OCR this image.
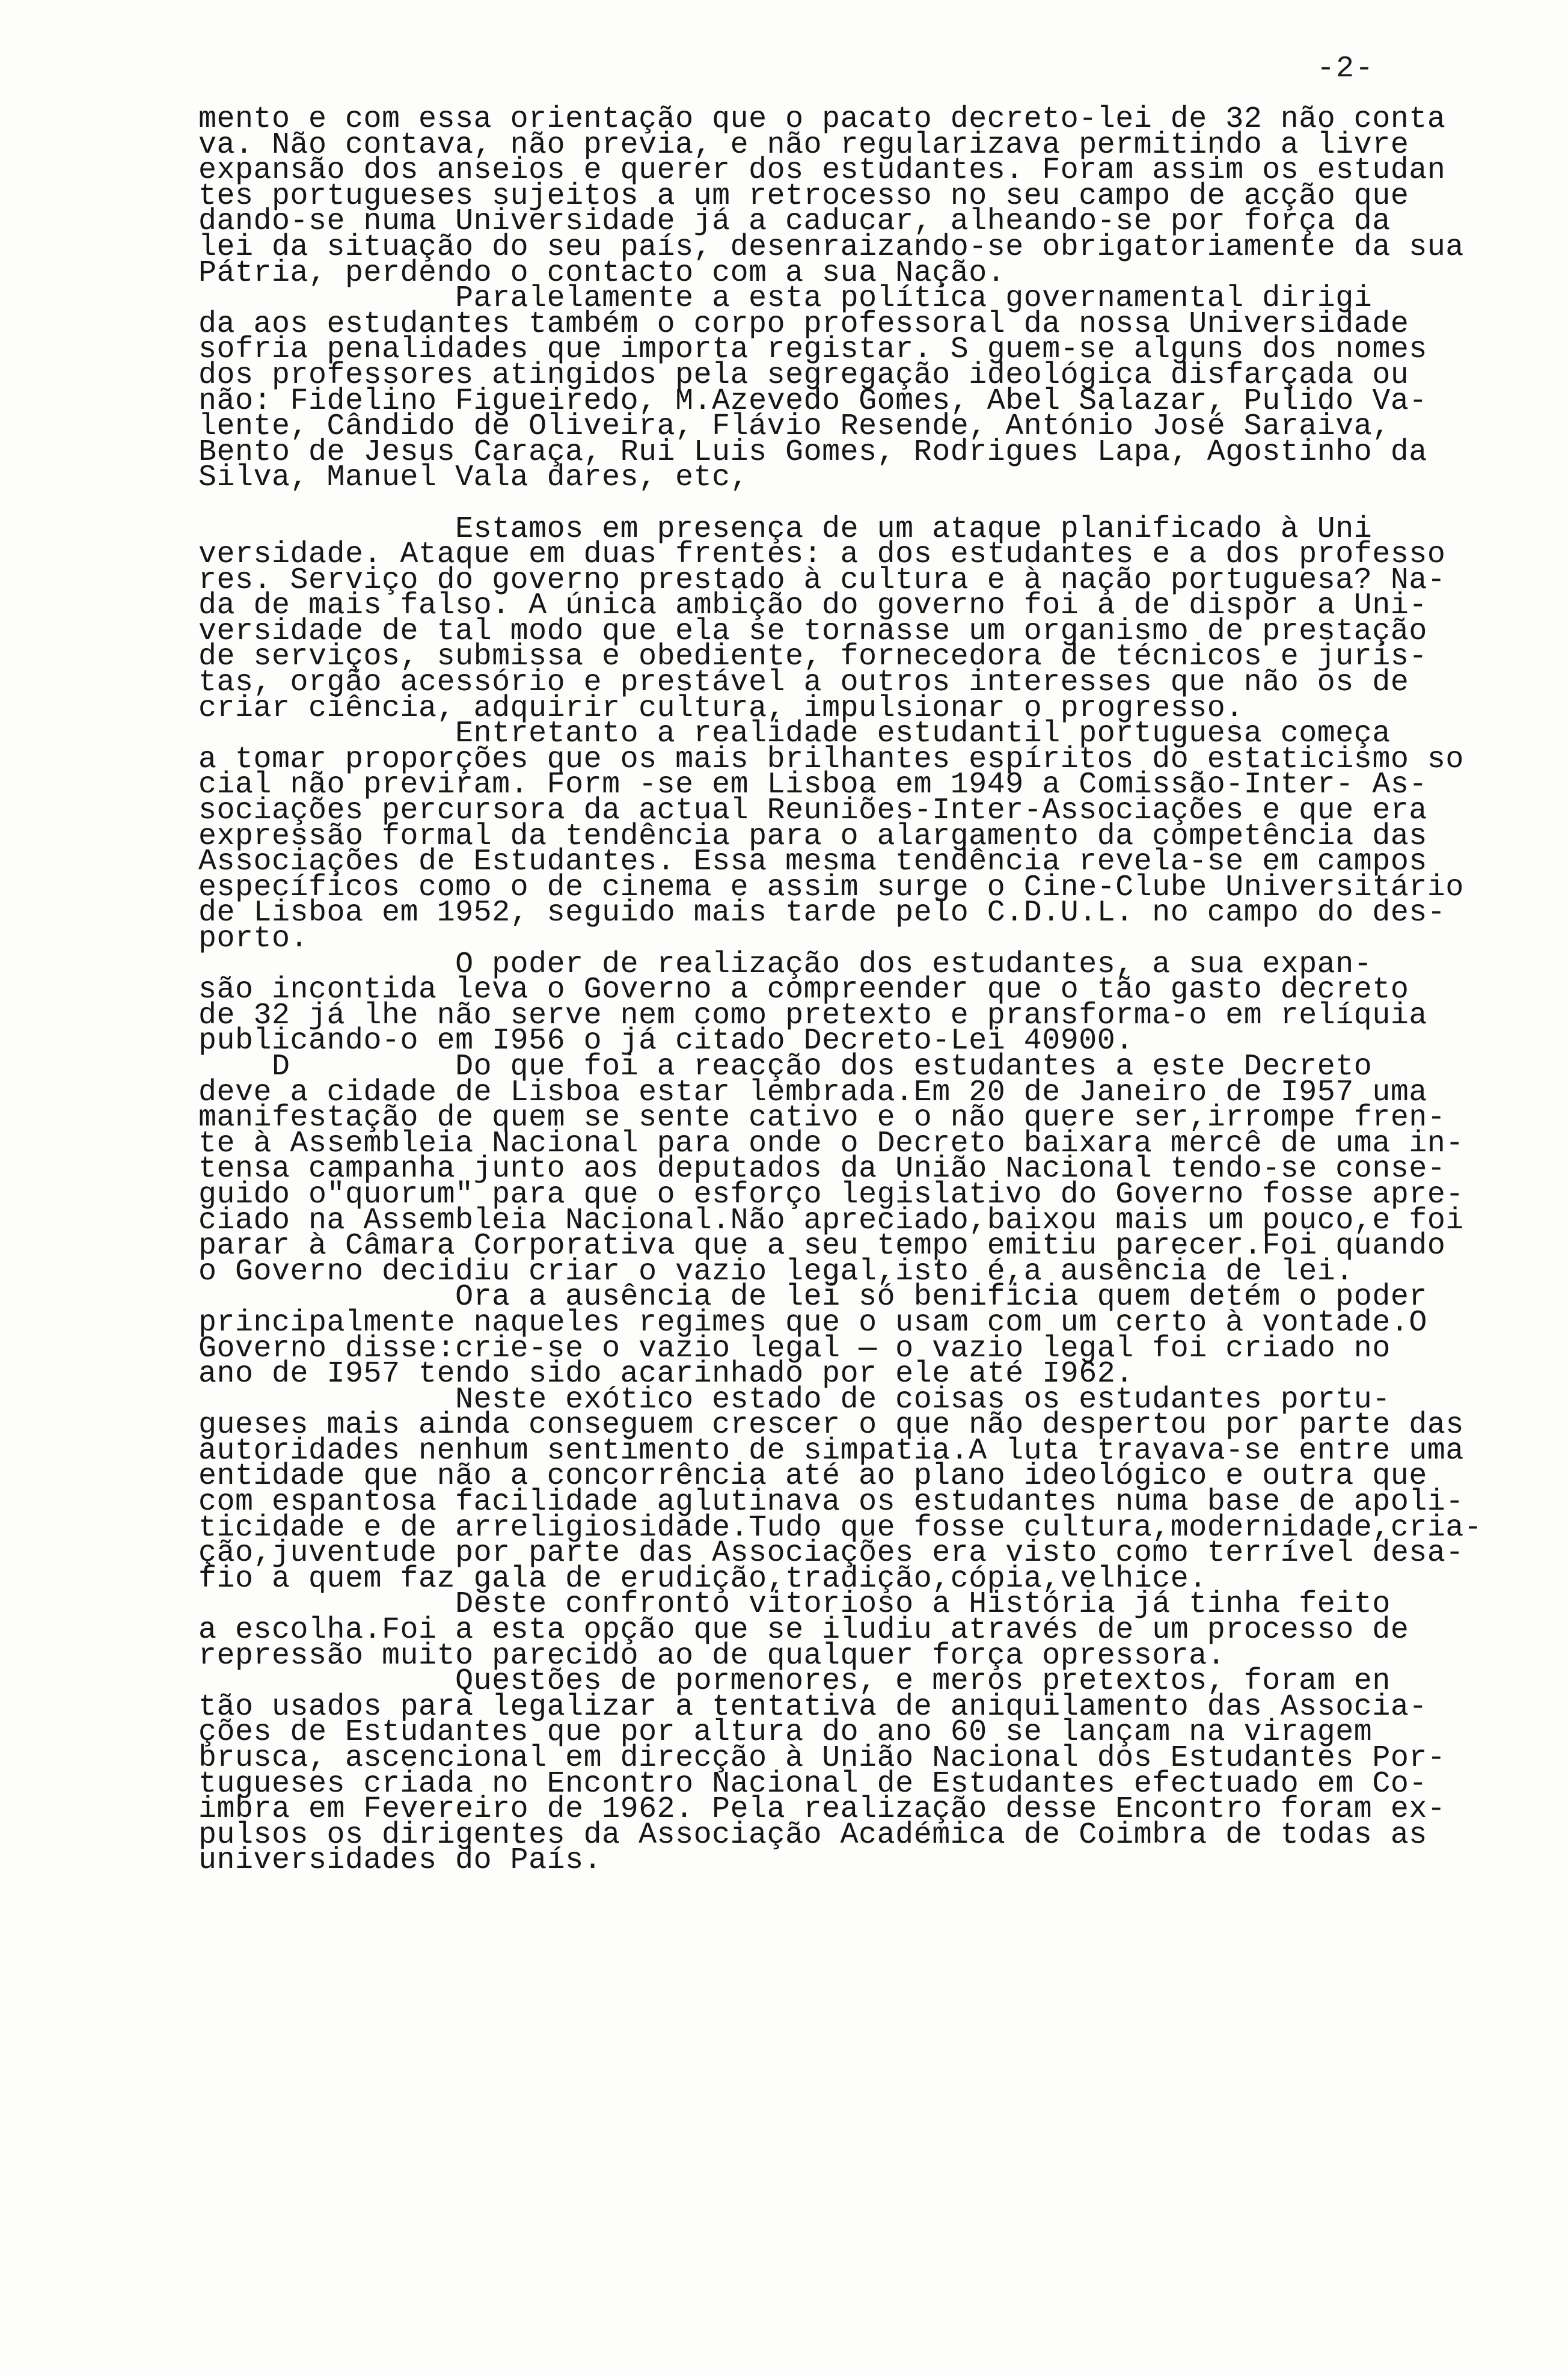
-2-
mento e com essa orientação que o pacato decreto-lei de 32 não conta
va. Não contava, não previa, e não regularizava permitindo a livre
expansão dos anseios e querer dos estudantes. Foram assim os estudan
tes portugueses sujeitos a um retrocesso no seu campo de acção que
dando-se numa Universidade já a caducar, alheando-se por força da
lei da situação do seu país, desenraizando-se obrigatoriamente da sua
Pátria, perdendo o contacto com a sua Nação.
Paralelamente a esta política governamental dirigi
da aos estudantes também o corpo professoral da nossa Universidade
sofria penalidades que importa registar. S guem-se alguns dos nomes
dos professores atingidos pela segregação ideológica disfarçada ou
não: Fidelino Figueiredo, M.Azevedo Gomes, Abel Salazar, Pulido Va-
lente, Cândido de Oliveira, Flávio Resende, António José Saraiva,
Bento de Jesus Caraça, Rui Luis Gomes, Rodrigues Lapa, Agostinho da
Silva, Manuel Vala dares, etc,
Estamos em presença de um ataque planificado à Uni
versidade. Ataque em duas frentes: a dos estudantes e a dos professo
res. Serviço do governo prestado à cultura e à nação portuguesa? Na-
da de mais falso. A única ambição do governo foi a de dispor a Uni-
versidade de tal modo que ela se tornasse um organismo de prestação
de serviços, submissa e obediente, fornecedora de técnicos e juris-
tas, orgão acessório e prestável a outros interesses que não os de
criar ciência, adquirir cultura, impulsionar o progresso.
Entretanto a realidade estudantil portuguesa começa
a tomar proporções que os mais brilhantes espíritos do estaticismo so
cial não previram. Form -se em Lisboa em 1949 a Comissão-Inter- As-
sociações percursora da actual Reuniões-Inter-Associações e que era
expressão formal da tendência para o alargamento da competência das
Associações de Estudantes. Essa mesma tendência revela-se em campos
específicos como o de cinema e assim surge o Cine-Clube Universitário
de Lisboa em 1952, seguido mais tarde pelo C.D.U.L. no campo do des-
porto.
O poder de realização dos estudantes, a sua expan-
são incontida leva o Governo a compreender que o tão gasto decreto
de 32 já lhe não serve nem como pretexto e pransforma-o em relíquia
publicando-o em I956 o já citado Decreto-Lei 40900.
D         Do que foi a reacção dos estudantes a este Decreto
deve a cidade de Lisboa estar lembrada.Em 20 de Janeiro de I957 uma
manifestação de quem se sente cativo e o não quere ser,irrompe fren-
te à Assembleia Nacional para onde o Decreto baixara mercê de uma in-
tensa campanha junto aos deputados da União Nacional tendo-se conse-
guido o"quorum" para que o esforço legislativo do Governo fosse apre-
ciado na Assembleia Nacional.Não apreciado,baixou mais um pouco,e foi
parar à Câmara Corporativa que a seu tempo emitiu parecer.Foi quando
o Governo decidiu criar o vazio legal,isto é,a ausência de lei.
Ora a ausência de lei só benificia quem detém o poder
principalmente naqueles regimes que o usam com um certo à vontade.O
Governo disse:crie-se o vazio legal — o vazio legal foi criado no
ano de I957 tendo sido acarinhado por ele até I962.
Neste exótico estado de coisas os estudantes portu-
gueses mais ainda conseguem crescer o que não despertou por parte das
autoridades nenhum sentimento de simpatia.A luta travava-se entre uma
entidade que não a concorrência até ao plano ideológico e outra que
com espantosa facilidade aglutinava os estudantes numa base de apoli-
ticidade e de arreligiosidade.Tudo que fosse cultura,modernidade,cria-
ção,juventude por parte das Associações era visto como terrível desa-
fio a quem faz gala de erudição,tradição,cópia,velhice.
Deste confronto vitorioso a História já tinha feito
a escolha.Foi a esta opção que se iludiu através de um processo de
repressão muito parecido ao de qualquer força opressora.
Questões de pormenores, e meros pretextos, foram en
tão usados para legalizar a tentativa de aniquilamento das Associa-
ções de Estudantes que por altura do ano 60 se lançam na viragem
brusca, ascencional em direcção à União Nacional dos Estudantes Por-
tugueses criada no Encontro Nacional de Estudantes efectuado em Co-
imbra em Fevereiro de 1962. Pela realização desse Encontro foram ex-
pulsos os dirigentes da Associação Académica de Coimbra de todas as
universidades do País.
